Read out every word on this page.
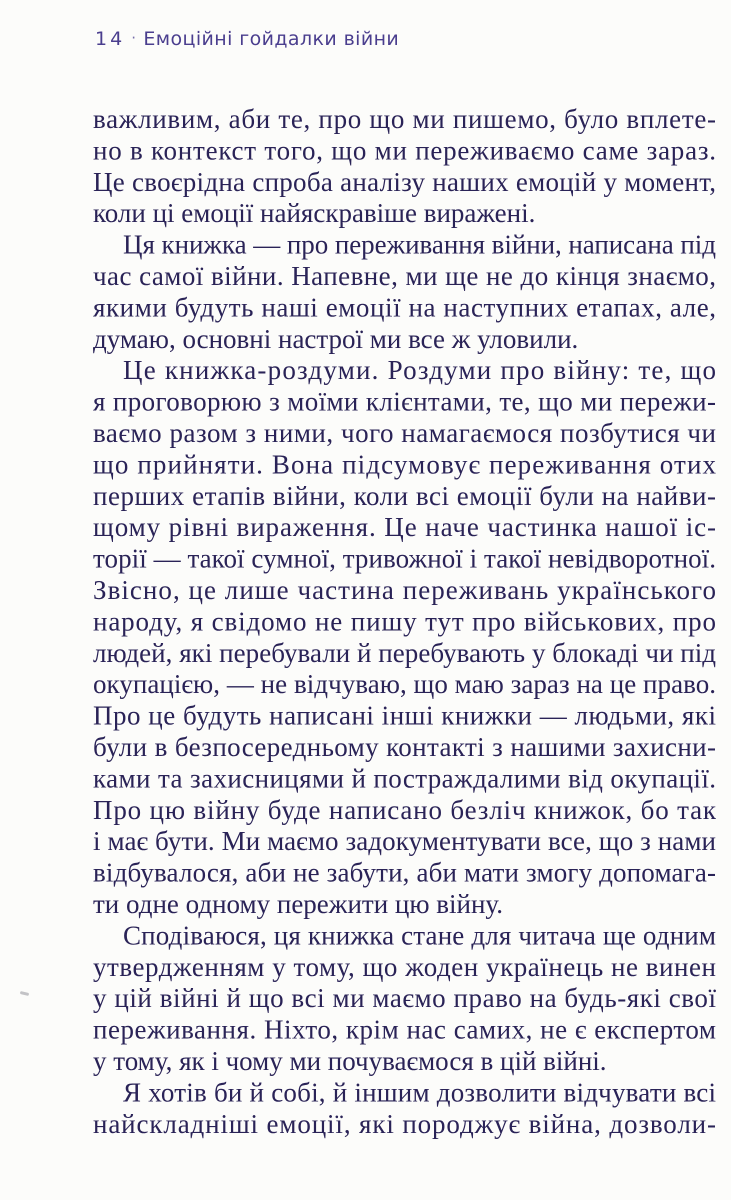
14 · Емоційні гойдалки війни
важливим, аби те, про що ми пишемо, було вплете-
но в контекст того, що ми переживаємо саме зараз.
Це своєрідна спроба аналізу наших емоцій у момент,
коли ці емоції найяскравіше виражені.
Ця книжка — про переживання війни, написана під
час самої війни. Напевне, ми ще не до кінця знаємо,
якими будуть наші емоції на наступних етапах, але,
думаю, основні настрої ми все ж уловили.
Це книжка-роздуми. Роздуми про війну: те, що
я проговорюю з моїми клієнтами, те, що ми пережи-
ваємо разом з ними, чого намагаємося позбутися чи
що прийняти. Вона підсумовує переживання отих
перших етапів війни, коли всі емоції були на найви-
щому рівні вираження. Це наче частинка нашої іс-
торії — такої сумної, тривожної і такої невідворотної.
Звісно, це лише частина переживань українського
народу, я свідомо не пишу тут про військових, про
людей, які перебували й перебувають у блокаді чи під
окупацією, — не відчуваю, що маю зараз на це право.
Про це будуть написані інші книжки — людьми, які
були в безпосередньому контакті з нашими захисни-
ками та захисницями й постраждалими від окупації.
Про цю війну буде написано безліч книжок, бо так
і має бути. Ми маємо задокументувати все, що з нами
відбувалося, аби не забути, аби мати змогу допомага-
ти одне одному пережити цю війну.
Сподіваюся, ця книжка стане для читача ще одним
утвердженням у тому, що жоден українець не винен
у цій війні й що всі ми маємо право на будь-які свої
переживання. Ніхто, крім нас самих, не є експертом
у тому, як і чому ми почуваємося в цій війні.
Я хотів би й собі, й іншим дозволити відчувати всі
найскладніші емоції, які породжує війна, дозволи-
